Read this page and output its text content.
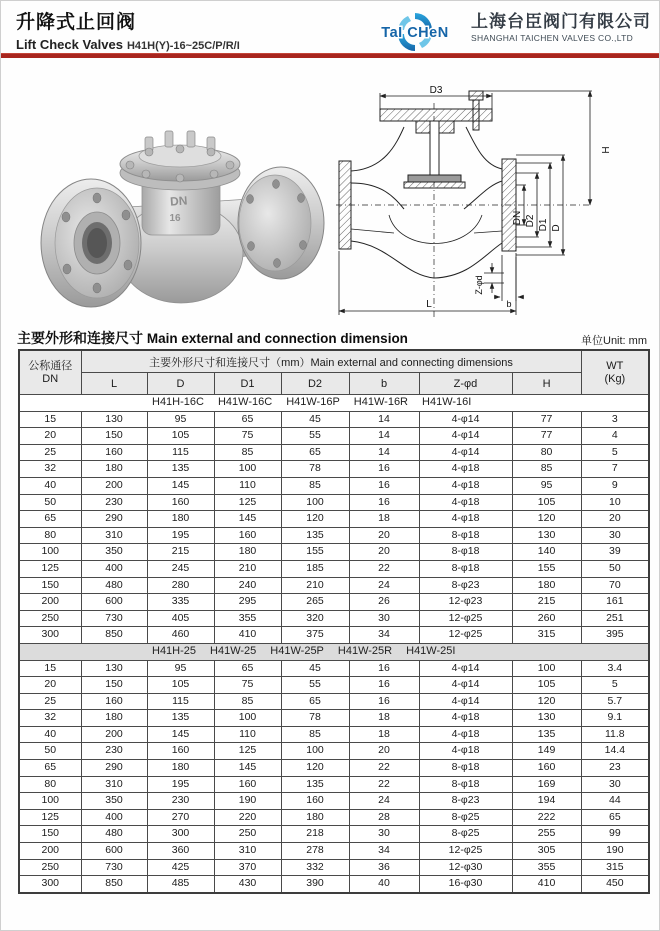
升降式止回阀
Lift Check Valves H41H(Y)-16~25C/P/R/I
TaI CHeN
上海台臣阀门有限公司
SHANGHAI TAICHEN VALVES CO.,LTD
DN
16
D3
H
DN D2 D1 D
L
Z-φd
b
主要外形和连接尺寸 Main external and connection dimension	单位Unit: mm
公称通径
DN
	主要外形尺寸和连接尺寸（mm）Main external and connecting dimensions	WT
(Kg)

	L	D	D1	D2	b	Z-φd	H	

H41H-16C H41W-16C H41W-16P H41W-16R H41W-16I								

15	130	95	65	45	14	4-φ14	77	3
20	150	105	75	55	14	4-φ14	77	4
25	160	115	85	65	14	4-φ14	80	5
32	180	135	100	78	16	4-φ18	85	7
40	200	145	110	85	16	4-φ18	95	9
50	230	160	125	100	16	4-φ18	105	10
65	290	180	145	120	18	4-φ18	120	20
80	310	195	160	135	20	8-φ18	130	30
100	350	215	180	155	20	8-φ18	140	39
125	400	245	210	185	22	8-φ18	155	50
150	480	280	240	210	24	8-φ23	180	70
200	600	335	295	265	26	12-φ23	215	161
250	730	405	355	320	30	12-φ25	260	251
300	850	460	410	375	34	12-φ25	315	395

H41H-25 H41W-25 H41W-25P H41W-25R H41W-25I								

15	130	95	65	45	16	4-φ14	100	3.4
20	150	105	75	55	16	4-φ14	105	5
25	160	115	85	65	16	4-φ14	120	5.7
32	180	135	100	78	18	4-φ18	130	9.1
40	200	145	110	85	18	4-φ18	135	11.8
50	230	160	125	100	20	4-φ18	149	14.4
65	290	180	145	120	22	8-φ18	160	23
80	310	195	160	135	22	8-φ18	169	30
100	350	230	190	160	24	8-φ23	194	44
125	400	270	220	180	28	8-φ25	222	65
150	480	300	250	218	30	8-φ25	255	99
200	600	360	310	278	34	12-φ25	305	190
250	730	425	370	332	36	12-φ30	355	315
300	850	485	430	390	40	16-φ30	410	450
